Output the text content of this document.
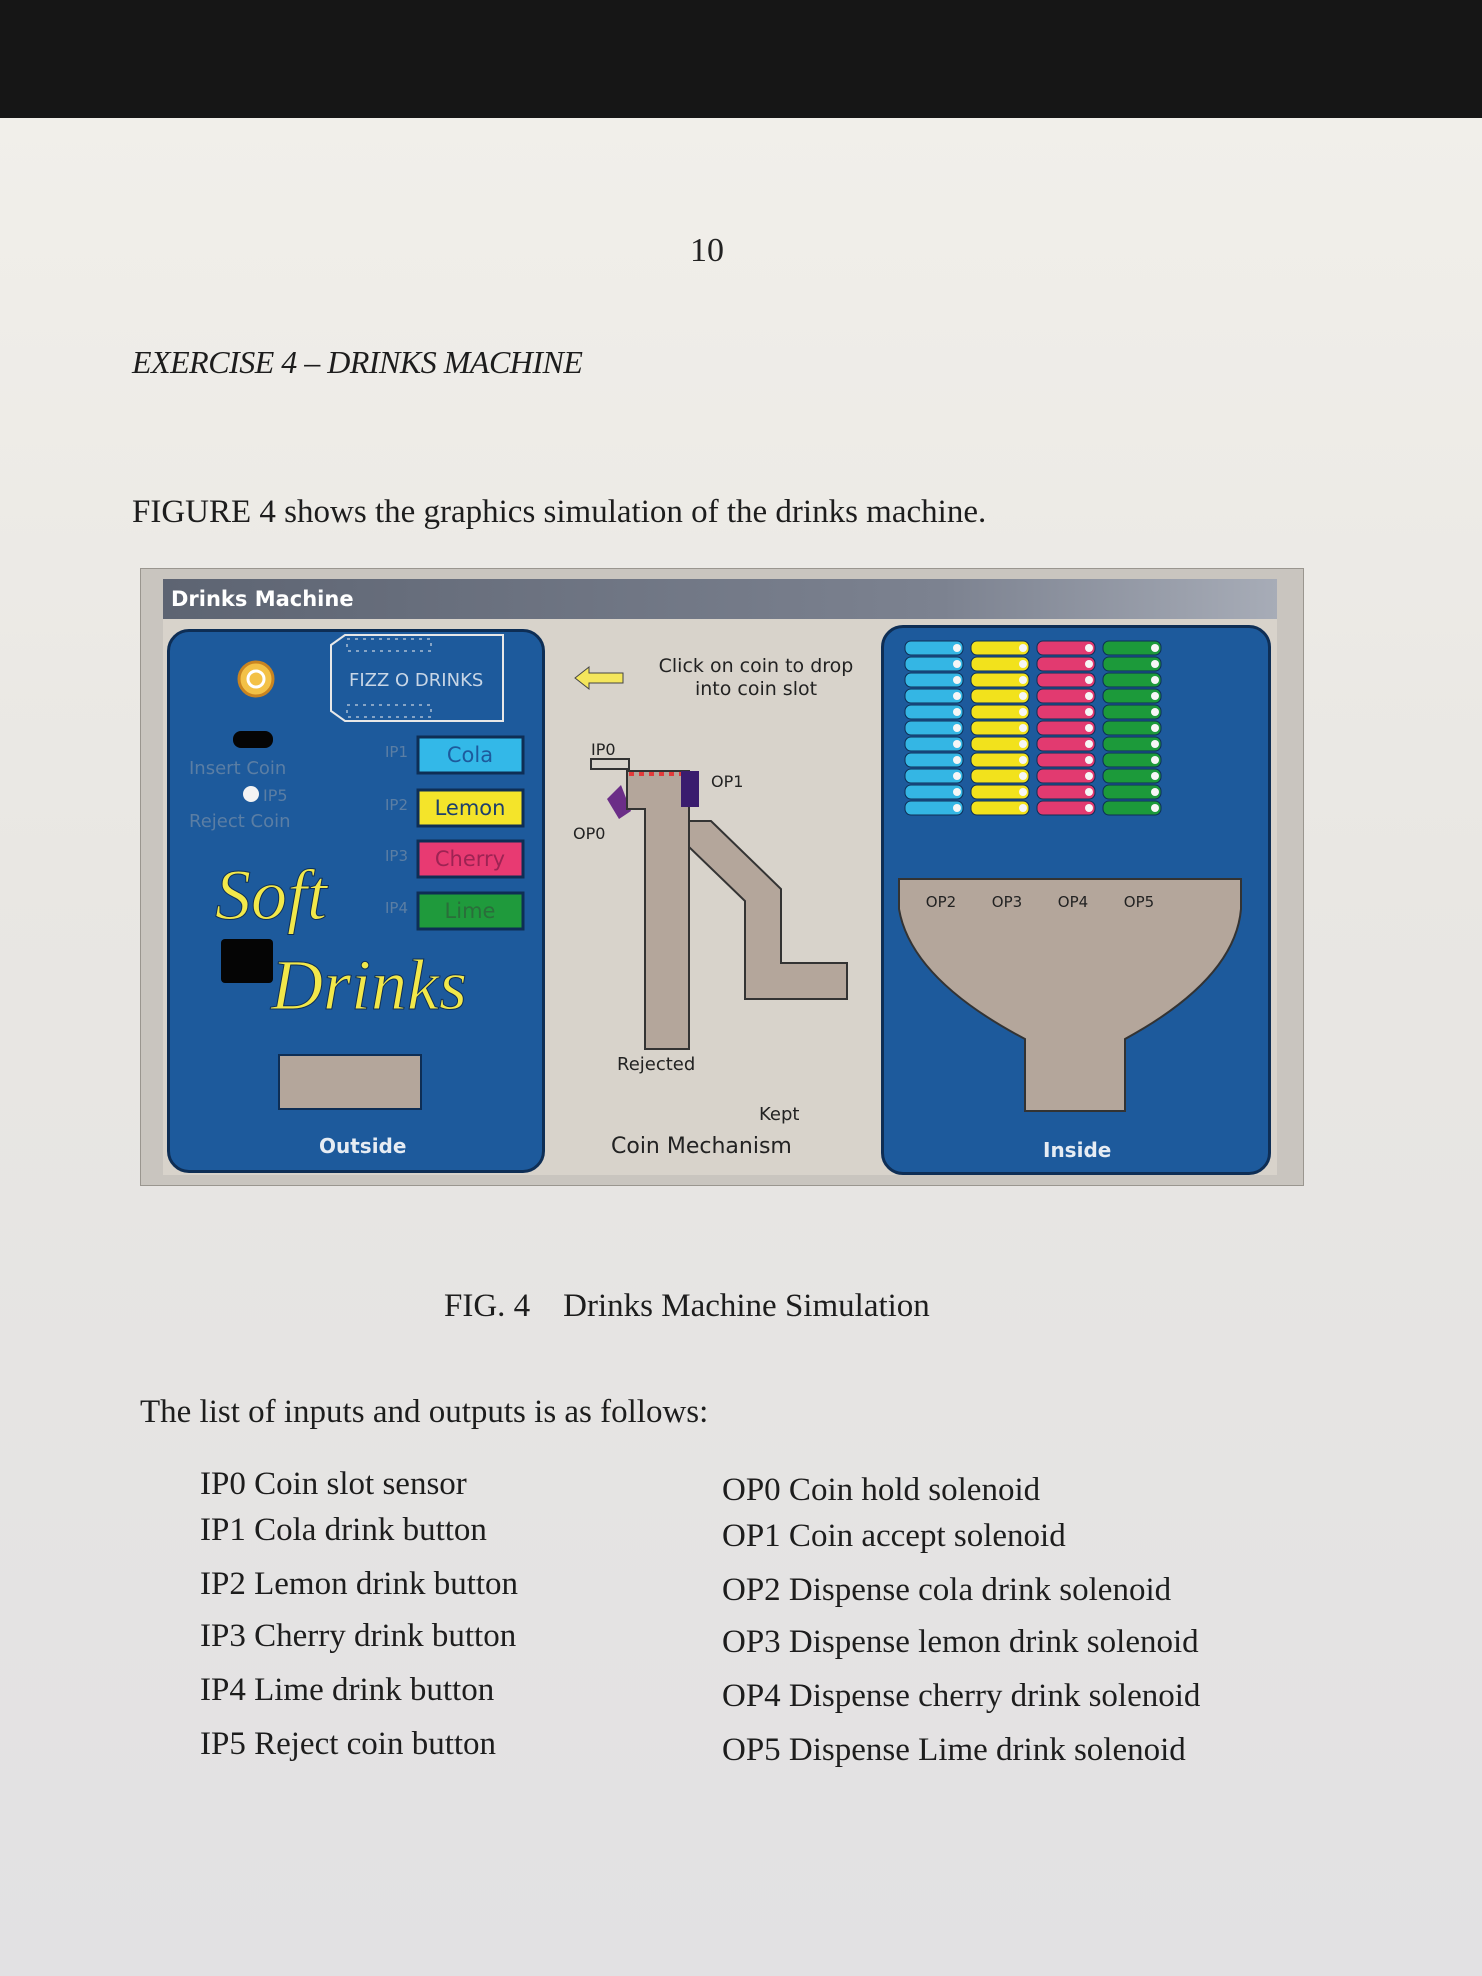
10
EXERCISE 4 – DRINKS MACHINE
FIGURE 4 shows the graphics simulation of the drinks machine.
Drinks Machine
FIZZ O DRINKS
Insert Coin
IP5
Reject Coin
IP1 Cola
IP2 Lemon
IP3 Cherry
IP4 Lime
Soft
Drinks
Outside
Click on coin to drop
into coin slot
IP0
OP0
OP1
Rejected
Kept
Coin Mechanism
OP2 OP3 OP4 OP5
Inside
FIG. 4    Drinks Machine Simulation
The list of inputs and outputs is as follows:
IP0 Coin slot sensor
IP1 Cola drink button
IP2 Lemon drink button
IP3 Cherry drink button
IP4 Lime drink button
IP5 Reject coin button
OP0 Coin hold solenoid
OP1 Coin accept solenoid
OP2 Dispense cola drink solenoid
OP3 Dispense lemon drink solenoid
OP4 Dispense cherry drink solenoid
OP5 Dispense Lime drink solenoid
